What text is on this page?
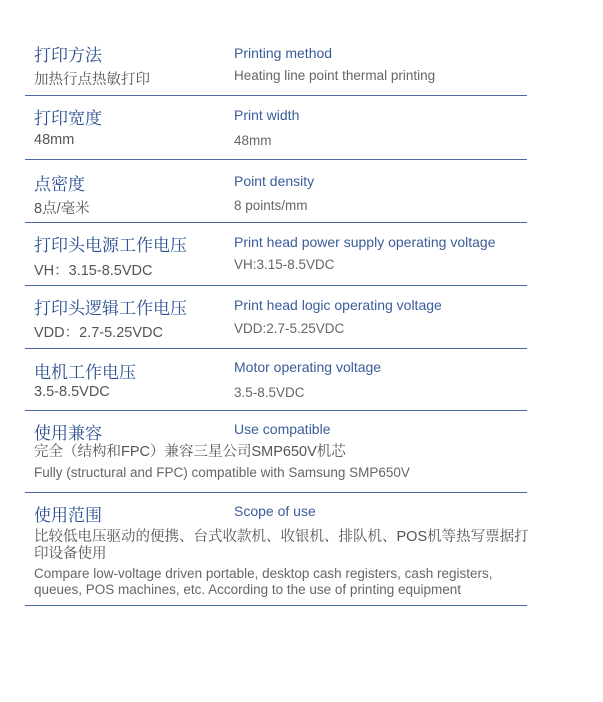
打印方法	Printing method
加热行点热敏打印	Heating line point thermal printing
打印宽度	Print width
48mm	48mm
点密度	Point density
8点/毫米	8 points/mm
打印头电源工作电压	Print head power supply operating voltage
VH：3.15-8.5VDC	VH:3.15-8.5VDC
打印头逻辑工作电压	Print head logic operating voltage
VDD：2.7-5.25VDC	VDD:2.7-5.25VDC
电机工作电压	Motor operating voltage
3.5-8.5VDC	3.5-8.5VDC
使用兼容	Use compatible
完全（结构和FPC）兼容三星公司SMP650V机芯
Fully (structural and FPC) compatible with Samsung SMP650V
使用范围	Scope of use
比较低电压驱动的便携、台式收款机、收银机、排队机、POS机等热写票据打印设备使用
Compare low-voltage driven portable, desktop cash registers, cash registers, queues, POS machines, etc. According to the use of printing equipment
